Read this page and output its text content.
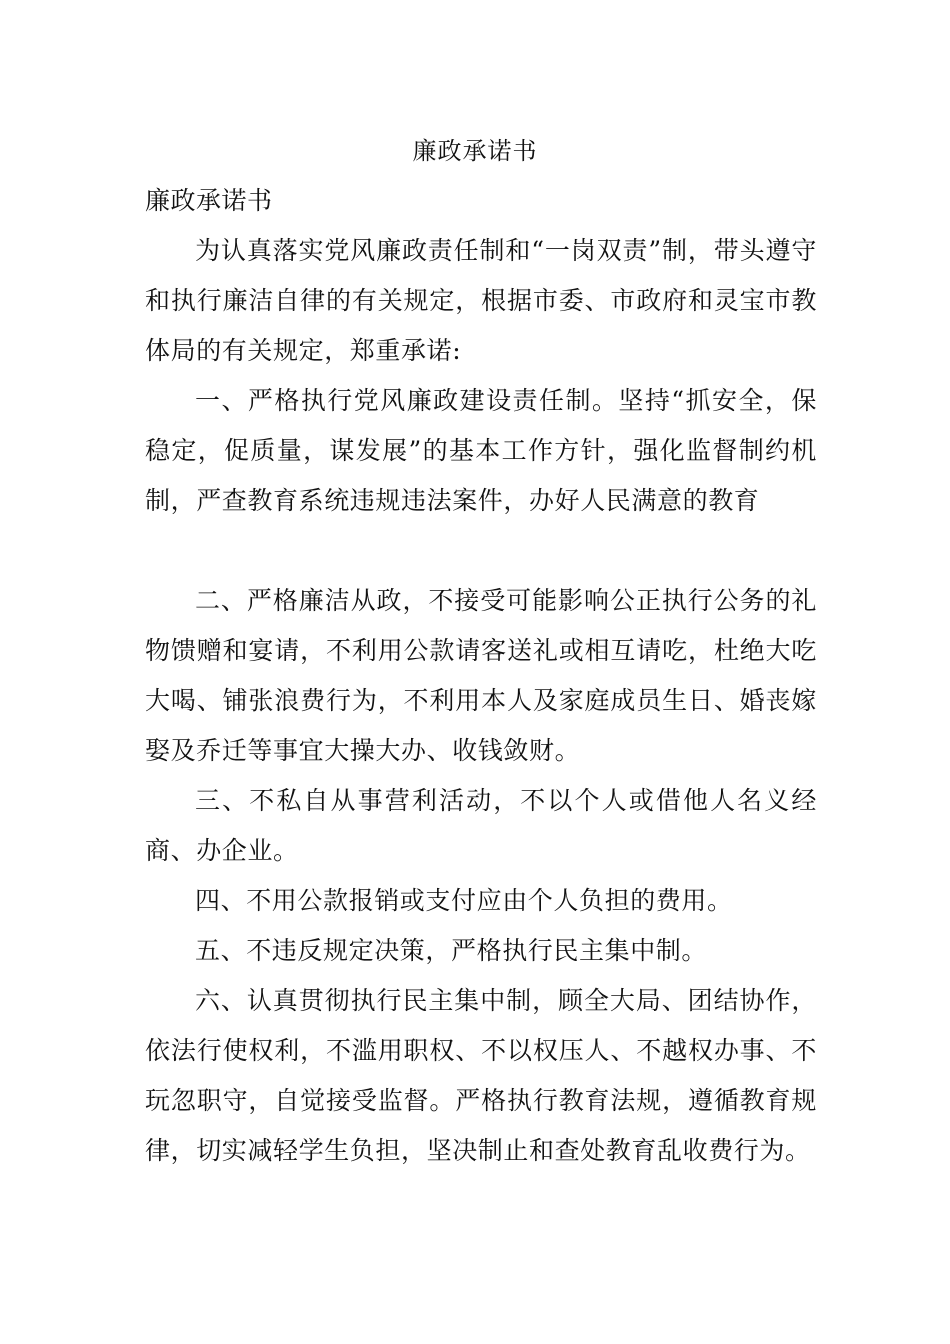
廉政承诺书
廉政承诺书

为认真落实党风廉政责任制和“一岗双责”制，带头遵守和执行廉洁自律的有关规定，根据市委、市政府和灵宝市教体局的有关规定，郑重承诺:

一、严格执行党风廉政建设责任制。坚持“抓安全，保稳定，促质量，谋发展”的基本工作方针，强化监督制约机制，严查教育系统违规违法案件，办好人民满意的教育

二、严格廉洁从政，不接受可能影响公正执行公务的礼物馈赠和宴请，不利用公款请客送礼或相互请吃，杜绝大吃大喝、铺张浪费行为，不利用本人及家庭成员生日、婚丧嫁娶及乔迁等事宜大操大办、收钱敛财。

三、不私自从事营利活动，不以个人或借他人名义经商、办企业。

四、不用公款报销或支付应由个人负担的费用。

五、不违反规定决策，严格执行民主集中制。

六、认真贯彻执行民主集中制，顾全大局、团结协作，依法行使权利，不滥用职权、不以权压人、不越权办事、不玩忽职守，自觉接受监督。严格执行教育法规，遵循教育规律，切实减轻学生负担，坚决制止和查处教育乱收费行为。
